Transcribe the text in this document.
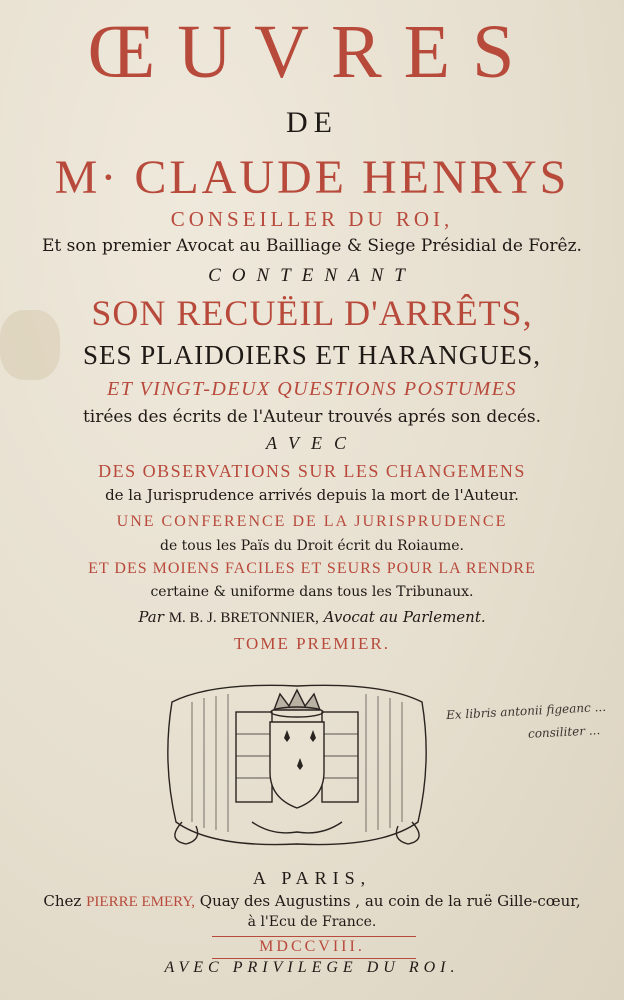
ŒUVRES
DE
M· CLAUDE HENRYS
CONSEILLER DU ROI,
Et son premier Avocat au Bailliage & Siege Présidial de Forêz.
CONTENANT
SON RECUËIL D'ARRÊTS,
SES PLAIDOIERS ET HARANGUES,
ET VINGT-DEUX QUESTIONS POSTUMES
tirées des écrits de l'Auteur trouvés aprés son decés.
AVEC
DES OBSERVATIONS SUR LES CHANGEMENS
de la Jurisprudence arrivés depuis la mort de l'Auteur.
UNE CONFERENCE DE LA JURISPRUDENCE
de tous les Païs du Droit écrit du Roiaume.
ET DES MOIENS FACILES ET SEURS POUR LA RENDRE
certaine & uniforme dans tous les Tribunaux.
Par M. B. J. BRETONNIER, Avocat au Parlement.
TOME PREMIER.
Ex libris antonii figeanc ...
consiliter ...
A PARIS,
Chez PIERRE EMERY, Quay des Augustins , au coin de la ruë Gille-cœur,
à l'Ecu de France.
MDCCVIII.
AVEC PRIVILEGE DU ROI.
